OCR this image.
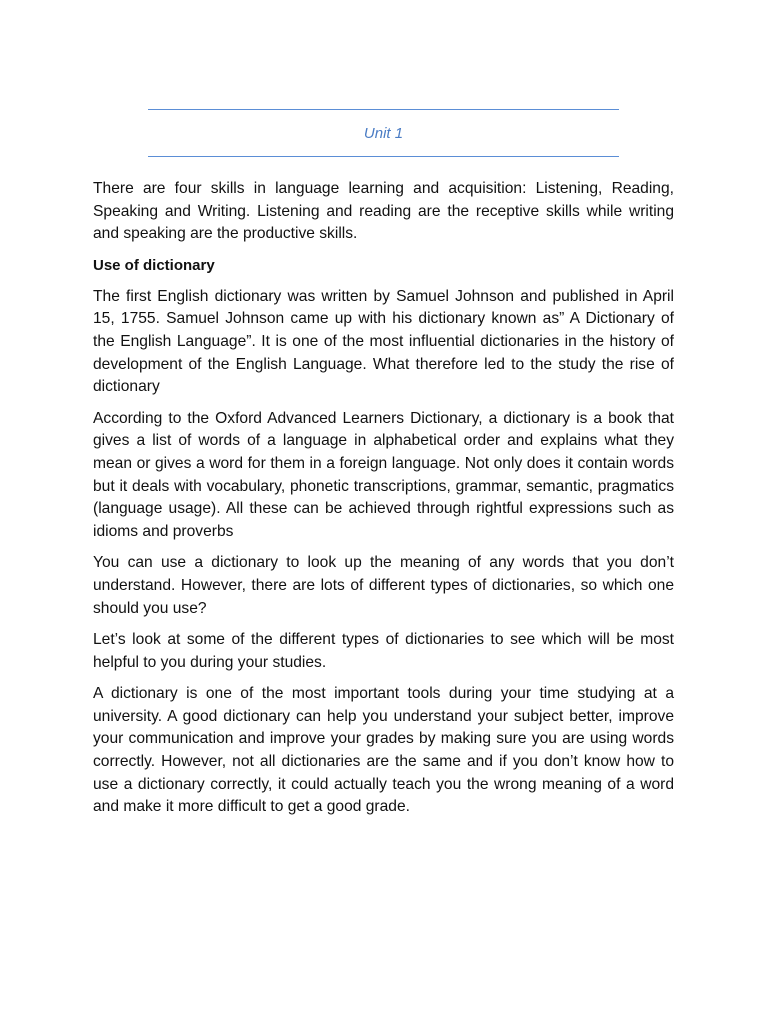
Unit 1

There are four skills in language learning and acquisition: Listening, Reading, Speaking and Writing. Listening and reading are the receptive skills while writing and speaking are the productive skills.

Use of dictionary

The first English dictionary was written by Samuel Johnson and published in April 15, 1755. Samuel Johnson came up with his dictionary known as” A Dictionary of the English Language”. It is one of the most influential dictionaries in the history of development of the English Language. What therefore led to the study the rise of dictionary

According to the Oxford Advanced Learners Dictionary, a dictionary is a book that gives a list of words of a language in alphabetical order and explains what they mean or gives a word for them in a foreign language. Not only does it contain words but it deals with vocabulary, phonetic transcriptions, grammar, semantic, pragmatics (language usage). All these can be achieved through rightful expressions such as idioms and proverbs

You can use a dictionary to look up the meaning of any words that you don’t understand. However, there are lots of different types of dictionaries, so which one should you use?

Let’s look at some of the different types of dictionaries to see which will be most helpful to you during your studies.

A dictionary is one of the most important tools during your time studying at a university. A good dictionary can help you understand your subject better, improve your communication and improve your grades by making sure you are using words correctly. However, not all dictionaries are the same and if you don’t know how to use a dictionary correctly, it could actually teach you the wrong meaning of a word and make it more difficult to get a good grade.
